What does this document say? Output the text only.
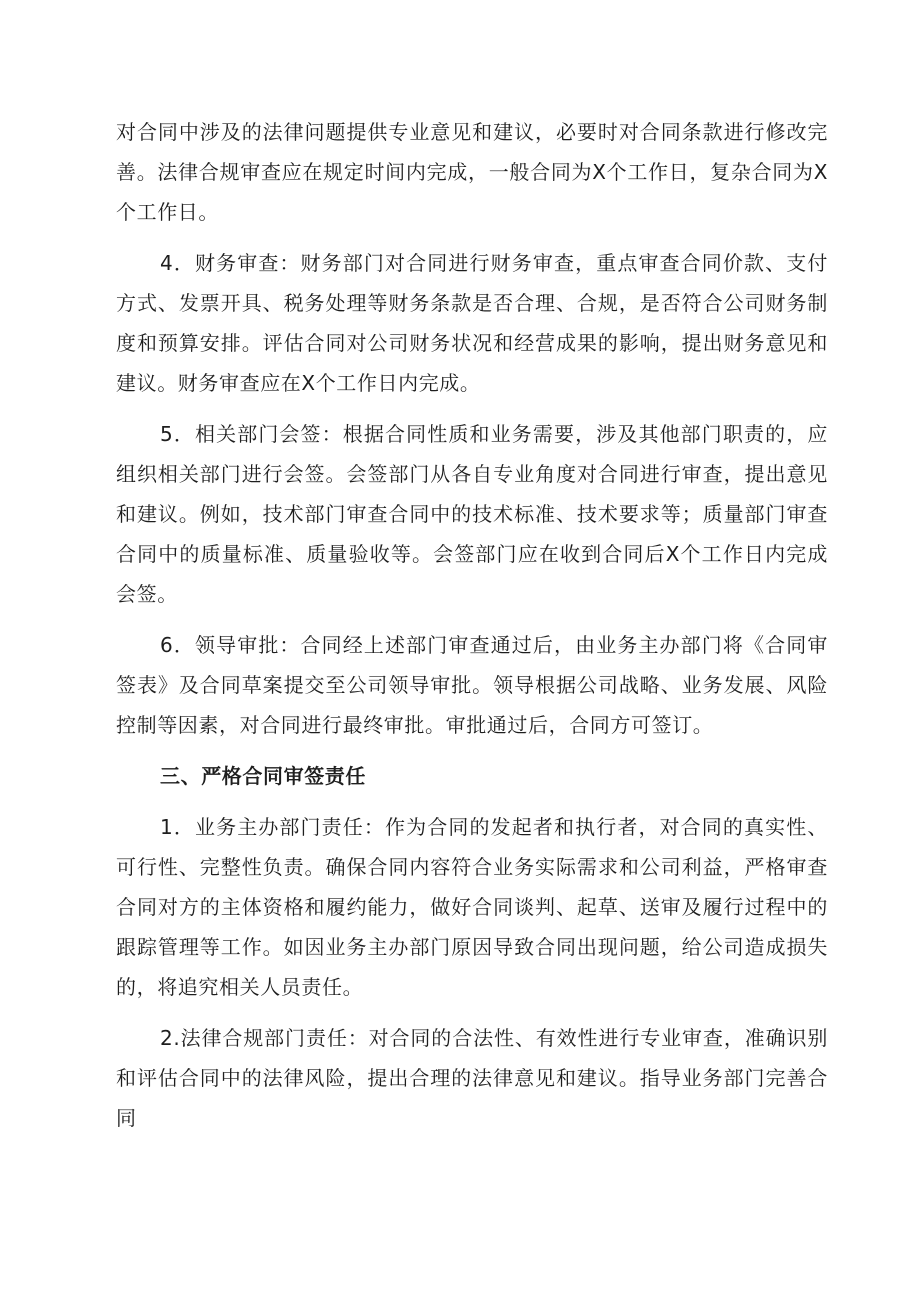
对合同中涉及的法律问题提供专业意见和建议，必要时对合同条款进行修改完善。法律合规审查应在规定时间内完成，一般合同为X个工作日，复杂合同为X个工作日。

4．财务审查：财务部门对合同进行财务审查，重点审查合同价款、支付方式、发票开具、税务处理等财务条款是否合理、合规，是否符合公司财务制度和预算安排。评估合同对公司财务状况和经营成果的影响，提出财务意见和建议。财务审查应在X个工作日内完成。

5．相关部门会签：根据合同性质和业务需要，涉及其他部门职责的，应组织相关部门进行会签。会签部门从各自专业角度对合同进行审查，提出意见和建议。例如，技术部门审查合同中的技术标准、技术要求等；质量部门审查合同中的质量标准、质量验收等。会签部门应在收到合同后X个工作日内完成会签。

6．领导审批：合同经上述部门审查通过后，由业务主办部门将《合同审签表》及合同草案提交至公司领导审批。领导根据公司战略、业务发展、风险控制等因素，对合同进行最终审批。审批通过后，合同方可签订。

三、严格合同审签责任

1．业务主办部门责任：作为合同的发起者和执行者，对合同的真实性、可行性、完整性负责。确保合同内容符合业务实际需求和公司利益，严格审查合同对方的主体资格和履约能力，做好合同谈判、起草、送审及履行过程中的跟踪管理等工作。如因业务主办部门原因导致合同出现问题，给公司造成损失的，将追究相关人员责任。

2.法律合规部门责任：对合同的合法性、有效性进行专业审查，准确识别和评估合同中的法律风险，提出合理的法律意见和建议。指导业务部门完善合同
